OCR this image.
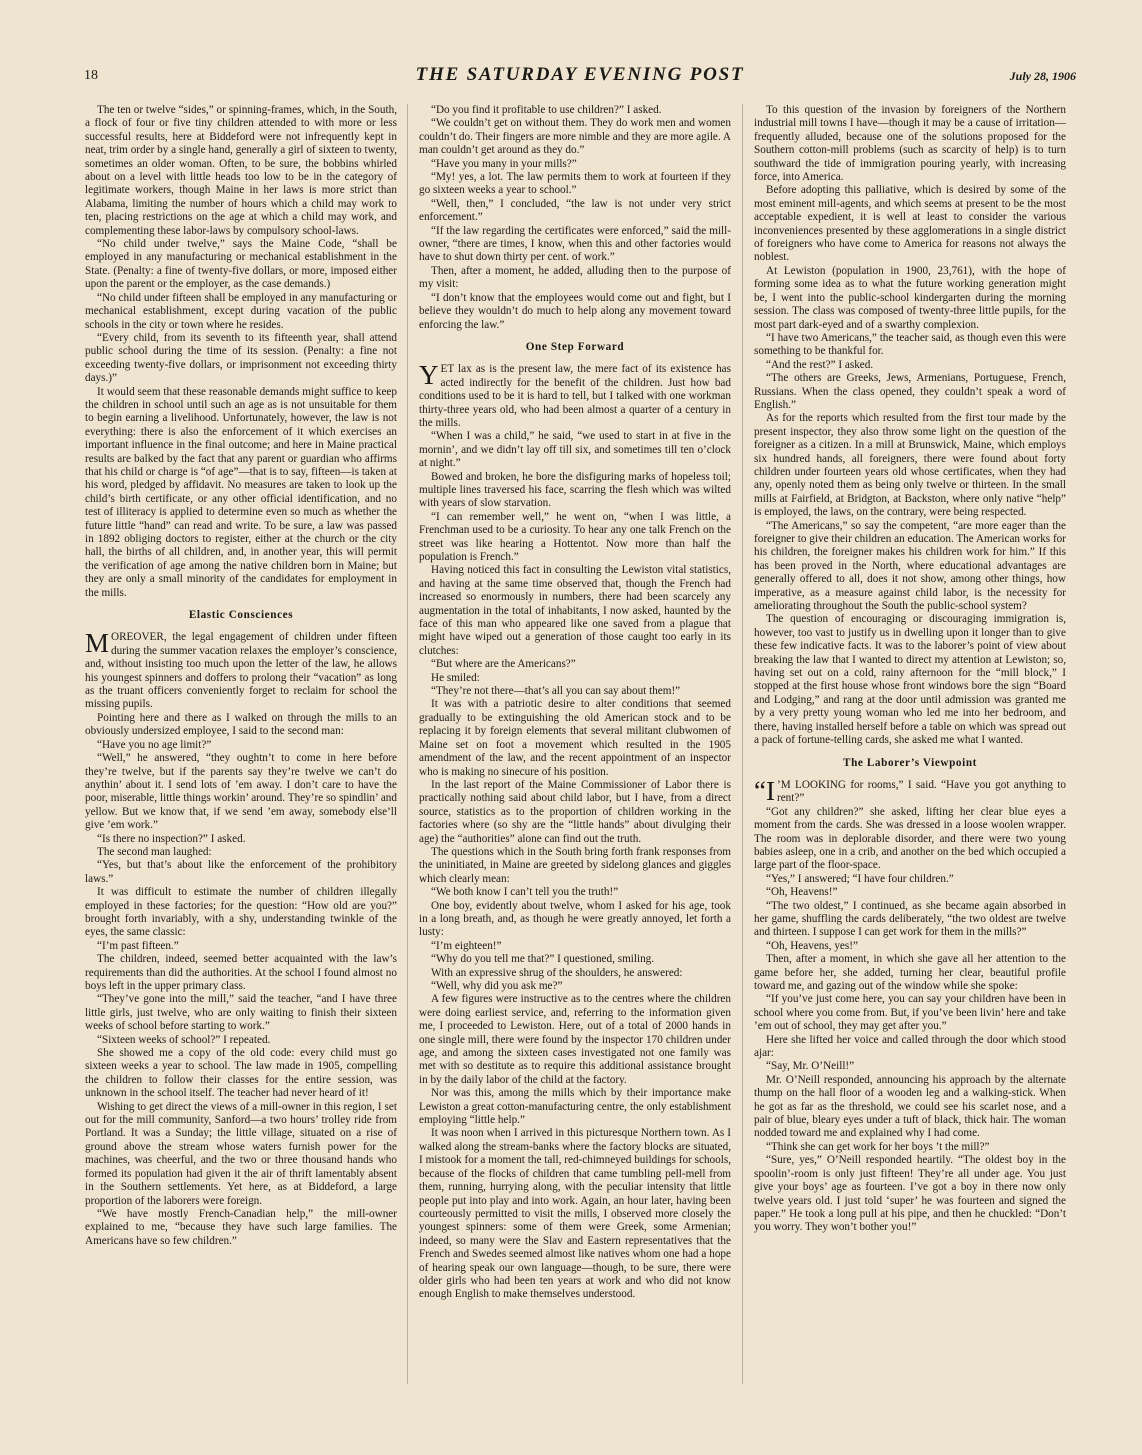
18	THE SATURDAY EVENING POST	July 28, 1906

The ten or twelve “sides,” or spinning-frames, which, in the South, a flock of four or five tiny children attended to with more or less successful results, here at Biddeford were not infrequently kept in neat, trim order by a single hand, generally a girl of sixteen to twenty, sometimes an older woman. Often, to be sure, the bobbins whirled about on a level with little heads too low to be in the category of legitimate workers, though Maine in her laws is more strict than Alabama, limiting the number of hours which a child may work to ten, placing restrictions on the age at which a child may work, and complementing these labor-laws by compulsory school-laws.

“No child under twelve,” says the Maine Code, “shall be employed in any manufacturing or mechanical establishment in the State. (Penalty: a fine of twenty-five dollars, or more, imposed either upon the parent or the employer, as the case demands.)

“No child under fifteen shall be employed in any manufacturing or mechanical establishment, except during vacation of the public schools in the city or town where he resides.

“Every child, from its seventh to its fifteenth year, shall attend public school during the time of its session. (Penalty: a fine not exceeding twenty-five dollars, or imprisonment not exceeding thirty days.)”

It would seem that these reasonable demands might suffice to keep the children in school until such an age as is not unsuitable for them to begin earning a livelihood. Unfortunately, however, the law is not everything: there is also the enforcement of it which exercises an important influence in the final outcome; and here in Maine practical results are balked by the fact that any parent or guardian who affirms that his child or charge is “of age”—that is to say, fifteen—is taken at his word, pledged by affidavit. No measures are taken to look up the child’s birth certificate, or any other official identification, and no test of illiteracy is applied to determine even so much as whether the future little “hand” can read and write. To be sure, a law was passed in 1892 obliging doctors to register, either at the church or the city hall, the births of all children, and, in another year, this will permit the verification of age among the native children born in Maine; but they are only a small minority of the candidates for employment in the mills.

Elastic Consciences

MOREOVER, the legal engagement of children under fifteen during the summer vacation relaxes the employer’s conscience, and, without insisting too much upon the letter of the law, he allows his youngest spinners and doffers to prolong their “vacation” as long as the truant officers conveniently forget to reclaim for school the missing pupils.

Pointing here and there as I walked on through the mills to an obviously undersized employee, I said to the second man:

“Have you no age limit?”

“Well,” he answered, “they oughtn’t to come in here before they’re twelve, but if the parents say they’re twelve we can’t do anythin’ about it. I send lots of ’em away. I don’t care to have the poor, miserable, little things workin’ around. They’re so spindlin’ and yellow. But we know that, if we send ’em away, somebody else’ll give ’em work.”

“Is there no inspection?” I asked.

The second man laughed:

“Yes, but that’s about like the enforcement of the prohibitory laws.”

It was difficult to estimate the number of children illegally employed in these factories; for the question: “How old are you?” brought forth invariably, with a shy, understanding twinkle of the eyes, the same classic:

“I’m past fifteen.”

The children, indeed, seemed better acquainted with the law’s requirements than did the authorities. At the school I found almost no boys left in the upper primary class.

“They’ve gone into the mill,” said the teacher, “and I have three little girls, just twelve, who are only waiting to finish their sixteen weeks of school before starting to work.”

“Sixteen weeks of school?” I repeated.

She showed me a copy of the old code: every child must go sixteen weeks a year to school. The law made in 1905, compelling the children to follow their classes for the entire session, was unknown in the school itself. The teacher had never heard of it!

Wishing to get direct the views of a mill-owner in this region, I set out for the mill community, Sanford—a two hours’ trolley ride from Portland. It was a Sunday; the little village, situated on a rise of ground above the stream whose waters furnish power for the machines, was cheerful, and the two or three thousand hands who formed its population had given it the air of thrift lamentably absent in the Southern settlements. Yet here, as at Biddeford, a large proportion of the laborers were foreign.

“We have mostly French-Canadian help,” the mill-owner explained to me, “because they have such large families. The Americans have so few children.”

“Do you find it profitable to use children?” I asked.

“We couldn’t get on without them. They do work men and women couldn’t do. Their fingers are more nimble and they are more agile. A man couldn’t get around as they do.”

“Have you many in your mills?”

“My! yes, a lot. The law permits them to work at fourteen if they go sixteen weeks a year to school.”

“Well, then,” I concluded, “the law is not under very strict enforcement.”

“If the law regarding the certificates were enforced,” said the mill-owner, “there are times, I know, when this and other factories would have to shut down thirty per cent. of work.”

Then, after a moment, he added, alluding then to the purpose of my visit:

“I don’t know that the employees would come out and fight, but I believe they wouldn’t do much to help along any movement toward enforcing the law.”

One Step Forward

YET lax as is the present law, the mere fact of its existence has acted indirectly for the benefit of the children. Just how bad conditions used to be it is hard to tell, but I talked with one workman thirty-three years old, who had been almost a quarter of a century in the mills.

“When I was a child,” he said, “we used to start in at five in the mornin’, and we didn’t lay off till six, and sometimes till ten o’clock at night.”

Bowed and broken, he bore the disfiguring marks of hopeless toil; multiple lines traversed his face, scarring the flesh which was wilted with years of slow starvation.

“I can remember well,” he went on, “when I was little, a Frenchman used to be a curiosity. To hear any one talk French on the street was like hearing a Hottentot. Now more than half the population is French.”

Having noticed this fact in consulting the Lewiston vital statistics, and having at the same time observed that, though the French had increased so enormously in numbers, there had been scarcely any augmentation in the total of inhabitants, I now asked, haunted by the face of this man who appeared like one saved from a plague that might have wiped out a generation of those caught too early in its clutches:

“But where are the Americans?”

He smiled:

“They’re not there—that’s all you can say about them!”

It was with a patriotic desire to alter conditions that seemed gradually to be extinguishing the old American stock and to be replacing it by foreign elements that several militant clubwomen of Maine set on foot a movement which resulted in the 1905 amendment of the law, and the recent appointment of an inspector who is making no sinecure of his position.

In the last report of the Maine Commissioner of Labor there is practically nothing said about child labor, but I have, from a direct source, statistics as to the proportion of children working in the factories where (so shy are the “little hands” about divulging their age) the “authorities” alone can find out the truth.

The questions which in the South bring forth frank responses from the uninitiated, in Maine are greeted by sidelong glances and giggles which clearly mean:

“We both know I can’t tell you the truth!”

One boy, evidently about twelve, whom I asked for his age, took in a long breath, and, as though he were greatly annoyed, let forth a lusty:

“I’m eighteen!”

“Why do you tell me that?” I questioned, smiling.

With an expressive shrug of the shoulders, he answered:

“Well, why did you ask me?”

A few figures were instructive as to the centres where the children were doing earliest service, and, referring to the information given me, I proceeded to Lewiston. Here, out of a total of 2000 hands in one single mill, there were found by the inspector 170 children under age, and among the sixteen cases investigated not one family was met with so destitute as to require this additional assistance brought in by the daily labor of the child at the factory.

Nor was this, among the mills which by their importance make Lewiston a great cotton-manufacturing centre, the only establishment employing “little help.”

It was noon when I arrived in this picturesque Northern town. As I walked along the stream-banks where the factory blocks are situated, I mistook for a moment the tall, red-chimneyed buildings for schools, because of the flocks of children that came tumbling pell-mell from them, running, hurrying along, with the peculiar intensity that little people put into play and into work. Again, an hour later, having been courteously permitted to visit the mills, I observed more closely the youngest spinners: some of them were Greek, some Armenian; indeed, so many were the Slav and Eastern representatives that the French and Swedes seemed almost like natives whom one had a hope of hearing speak our own language—though, to be sure, there were older girls who had been ten years at work and who did not know enough English to make themselves understood.

To this question of the invasion by foreigners of the Northern industrial mill towns I have—though it may be a cause of irritation—frequently alluded, because one of the solutions proposed for the Southern cotton-mill problems (such as scarcity of help) is to turn southward the tide of immigration pouring yearly, with increasing force, into America.

Before adopting this palliative, which is desired by some of the most eminent mill-agents, and which seems at present to be the most acceptable expedient, it is well at least to consider the various inconveniences presented by these agglomerations in a single district of foreigners who have come to America for reasons not always the noblest.

At Lewiston (population in 1900, 23,761), with the hope of forming some idea as to what the future working generation might be, I went into the public-school kindergarten during the morning session. The class was composed of twenty-three little pupils, for the most part dark-eyed and of a swarthy complexion.

“I have two Americans,” the teacher said, as though even this were something to be thankful for.

“And the rest?” I asked.

“The others are Greeks, Jews, Armenians, Portuguese, French, Russians. When the class opened, they couldn’t speak a word of English.”

As for the reports which resulted from the first tour made by the present inspector, they also throw some light on the question of the foreigner as a citizen. In a mill at Brunswick, Maine, which employs six hundred hands, all foreigners, there were found about forty children under fourteen years old whose certificates, when they had any, openly noted them as being only twelve or thirteen. In the small mills at Fairfield, at Bridgton, at Backston, where only native “help” is employed, the laws, on the contrary, were being respected.

“The Americans,” so say the competent, “are more eager than the foreigner to give their children an education. The American works for his children, the foreigner makes his children work for him.” If this has been proved in the North, where educational advantages are generally offered to all, does it not show, among other things, how imperative, as a measure against child labor, is the necessity for ameliorating throughout the South the public-school system?

The question of encouraging or discouraging immigration is, however, too vast to justify us in dwelling upon it longer than to give these few indicative facts. It was to the laborer’s point of view about breaking the law that I wanted to direct my attention at Lewiston; so, having set out on a cold, rainy afternoon for the “mill block,” I stopped at the first house whose front windows bore the sign “Board and Lodging,” and rang at the door until admission was granted me by a very pretty young woman who led me into her bedroom, and there, having installed herself before a table on which was spread out a pack of fortune-telling cards, she asked me what I wanted.

The Laborer’s Viewpoint

“I ’M LOOKING for rooms,” I said. “Have you got anything to rent?”

“Got any children?” she asked, lifting her clear blue eyes a moment from the cards. She was dressed in a loose woolen wrapper. The room was in deplorable disorder, and there were two young babies asleep, one in a crib, and another on the bed which occupied a large part of the floor-space.

“Yes,” I answered; “I have four children.”

“Oh, Heavens!”

“The two oldest,” I continued, as she became again absorbed in her game, shuffling the cards deliberately, “the two oldest are twelve and thirteen. I suppose I can get work for them in the mills?”

“Oh, Heavens, yes!”

Then, after a moment, in which she gave all her attention to the game before her, she added, turning her clear, beautiful profile toward me, and gazing out of the window while she spoke:

“If you’ve just come here, you can say your children have been in school where you come from. But, if you’ve been livin’ here and take ’em out of school, they may get after you.”

Here she lifted her voice and called through the door which stood ajar:

“Say, Mr. O’Neill!”

Mr. O’Neill responded, announcing his approach by the alternate thump on the hall floor of a wooden leg and a walking-stick. When he got as far as the threshold, we could see his scarlet nose, and a pair of blue, bleary eyes under a tuft of black, thick hair. The woman nodded toward me and explained why I had come.

“Think she can get work for her boys ’t the mill?”

“Sure, yes,” O’Neill responded heartily. “The oldest boy in the spoolin’-room is only just fifteen! They’re all under age. You just give your boys’ age as fourteen. I’ve got a boy in there now only twelve years old. I just told ‘super’ he was fourteen and signed the paper.” He took a long pull at his pipe, and then he chuckled: “Don’t you worry. They won’t bother you!”
